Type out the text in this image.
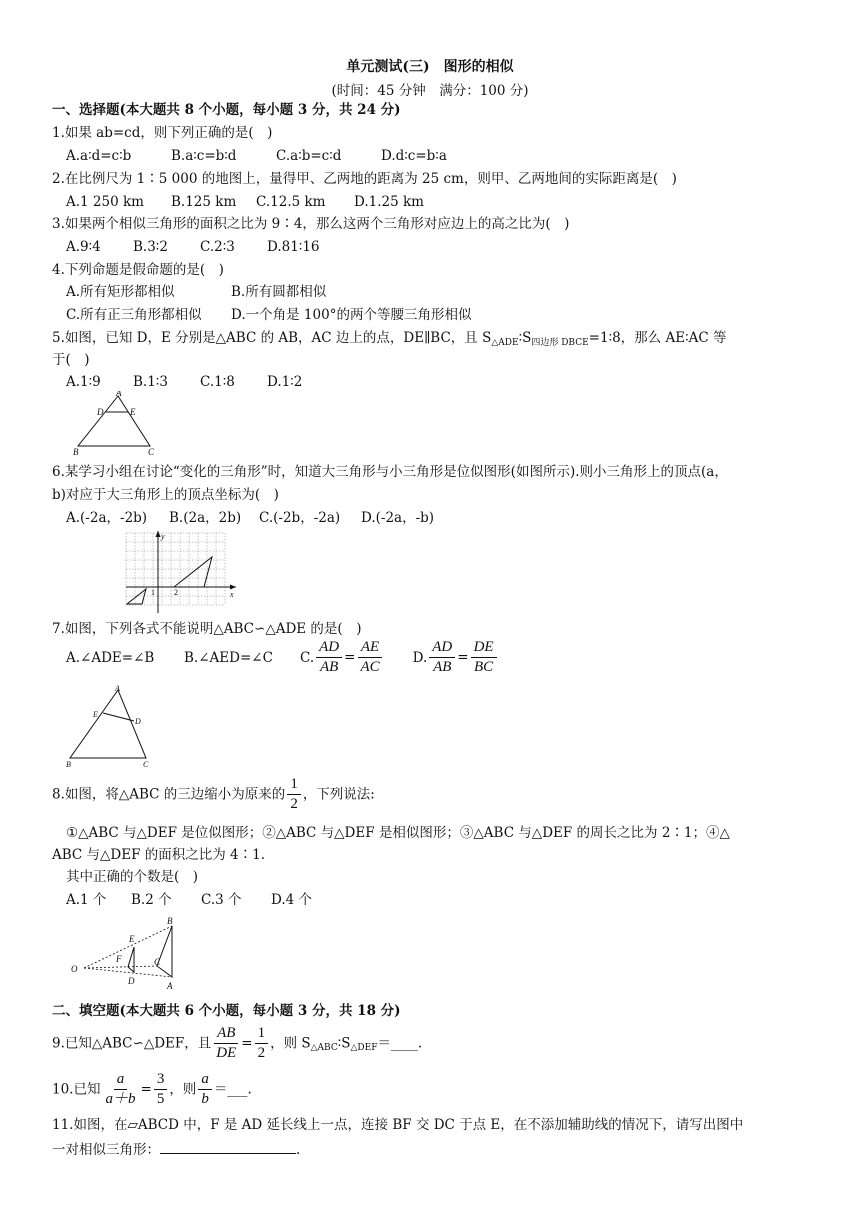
单元测试(三)　图形的相似
(时间：45 分钟　满分：100 分)
一、选择题(本大题共 8 个小题，每小题 3 分，共 24 分)
1.如果 ab=cd，则下列正确的是(　)
A.a∶d=c∶b	B.a∶c=b∶d	C.a∶b=c∶d	D.d∶c=b∶a
2.在比例尺为 1∶5 000 的地图上，量得甲、乙两地的距离为 25 cm，则甲、乙两地间的实际距离是(　)
A.1 250 km B.125 km C.12.5 km D.1.25 km
3.如果两个相似三角形的面积之比为 9∶4，那么这两个三角形对应边上的高之比为(　)
A.9∶4 B.3∶2 C.2∶3 D.81∶16
4.下列命题是假命题的是(　)
A.所有矩形都相似	B.所有圆都相似
C.所有正三角形都相似 D.一个角是 100°的两个等腰三角形相似
5.如图，已知 D，E 分别是△ABC 的 AB，AC 边上的点，DE∥BC，且 $S_{\triangle ADE}∶S_{四边形 DBCE}=1∶8$，那么 AE∶AC 等
于(　)
A.1∶9 B.1∶3 C.1∶8 D.1∶2
A
D	E
B	C
6.某学习小组在讨论“变化的三角形”时，知道大三角形与小三角形是位似图形(如图所示).则小三角形上的顶点(a，
b)对应于大三角形上的顶点坐标为(　)
A.(-2a，-2b) B.(2a，2b) C.(-2b，-2a) D.(-2a，-b)
y
x
1 2
7.如图，下列各式不能说明△ABC∽△ADE 的是(　)
A.∠ADE=∠B B.∠AED=∠C C. $\frac{AD}{AB} = \frac{AE}{AC} D$. $\frac{AD}{AB} = \frac{DE}{BC}$
A
E
D
B	C
8.如图，将△ABC 的三边缩小为原来的 $\frac{1}{2}$ ，下列说法:
①△ABC 与△DEF 是位似图形；②△ABC 与△DEF 是相似图形；③△ABC 与△DEF 的周长之比为 2∶1；④△
ABC 与△DEF 的面积之比为 4∶1.
其中正确的个数是(　)
A.1 个 B.2 个 C.3 个 D.4 个
B
E
F	C
O
D	A
二、填空题(本大题共 6 个小题，每小题 3 分，共 18 分)
9.已知△ABC∽△DEF，且 $\frac{AB}{DE} = \frac{1}{2}$ ，则 $S_{\triangle ABC}∶S_{\triangle DEF}=\_\_\_\_$.
10.已知 $\frac{a}{a+b} = \frac{3}{5}$ ，则 $\frac{a}{b}$ ＝___.
11.如图，在▱ABCD 中，F 是 AD 延长线上一点，连接 BF 交 DC 于点 E，在不添加辅助线的情况下，请写出图中
一对相似三角形：	.
